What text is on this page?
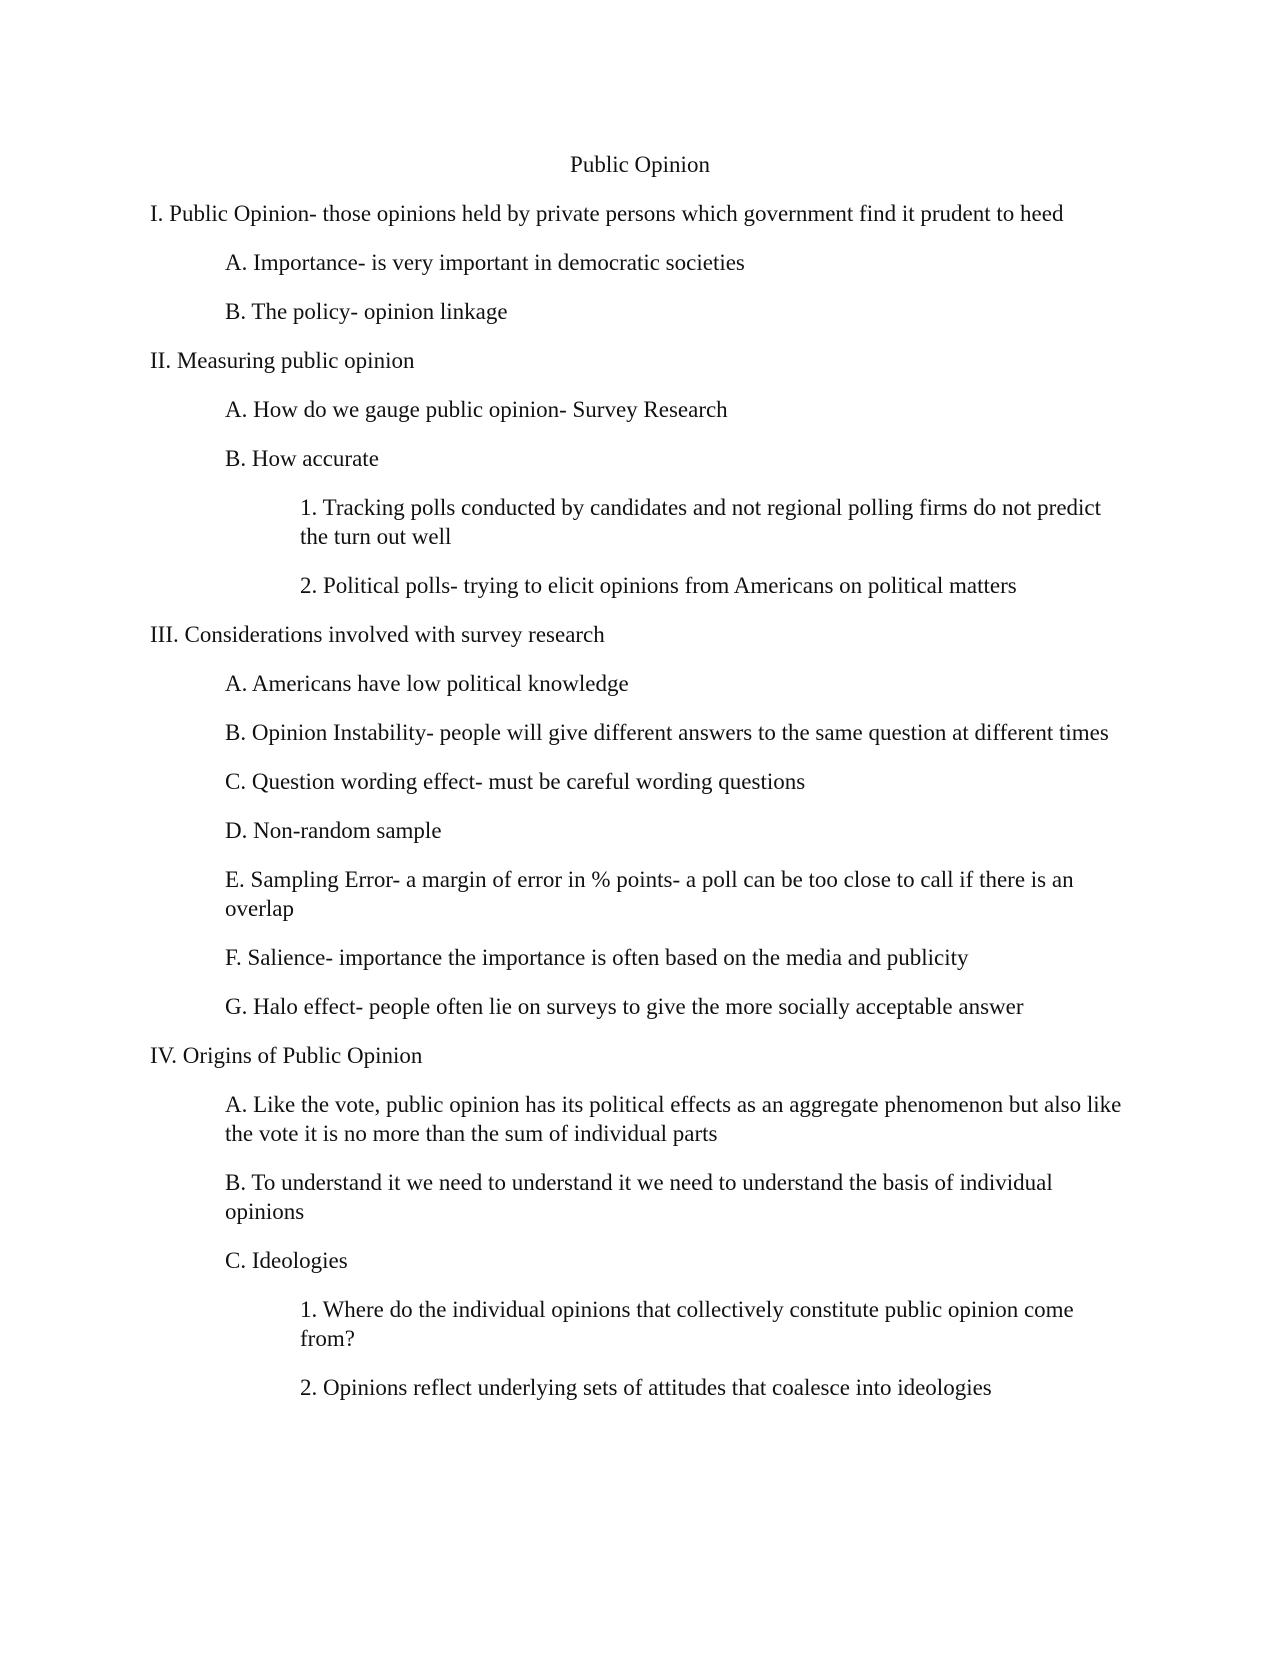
Public Opinion

I. Public Opinion- those opinions held by private persons which government find it prudent to heed

A. Importance- is very important in democratic societies

B. The policy- opinion linkage

II. Measuring public opinion

A. How do we gauge public opinion- Survey Research

B. How accurate

1. Tracking polls conducted by candidates and not regional polling firms do not predict the turn out well

2. Political polls- trying to elicit opinions from Americans on political matters

III. Considerations involved with survey research

A. Americans have low political knowledge

B. Opinion Instability- people will give different answers to the same question at different times

C. Question wording effect- must be careful wording questions

D. Non-random sample

E. Sampling Error- a margin of error in % points- a poll can be too close to call if there is an overlap

F. Salience- importance the importance is often based on the media and publicity

G. Halo effect- people often lie on surveys to give the more socially acceptable answer

IV. Origins of Public Opinion

A. Like the vote, public opinion has its political effects as an aggregate phenomenon but also like the vote it is no more than the sum of individual parts

B. To understand it we need to understand it we need to understand the basis of individual opinions

C. Ideologies

1. Where do the individual opinions that collectively constitute public opinion come from?

2. Opinions reflect underlying sets of attitudes that coalesce into ideologies
